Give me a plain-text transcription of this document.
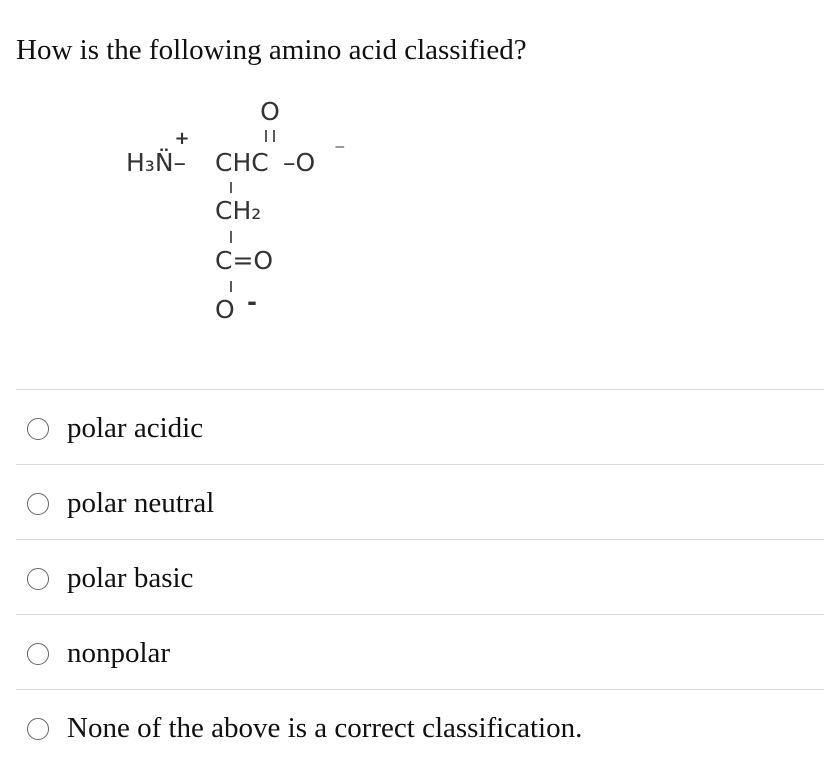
How is the following amino acid classified?
O
+
H₃N̈– CHC –O ⁻
CH₂
C=O
O -
polar acidic
polar neutral
polar basic
nonpolar
None of the above is a correct classification.
